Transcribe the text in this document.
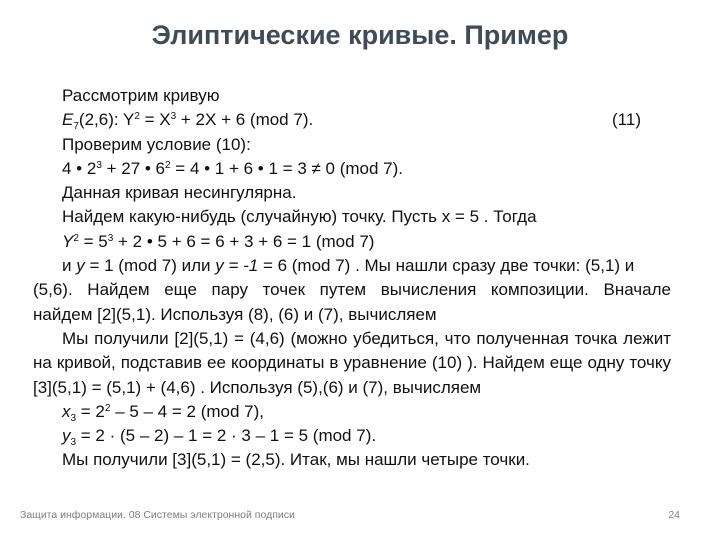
Элиптические кривые. Пример
Рассмотрим кривую
$E_7(2,6)$: $Y^2 = X^3 + 2X + 6$ (mod 7).	(11)
Проверим условие (10):
4 • $2^3 + 27$ • $6^2 = 4$ • 1 + 6 • 1 = 3 ≠ 0 (mod 7).
Данная кривая несингулярна.
Найдем какую-нибудь (случайную) точку. Пусть x = 5 . Тогда
$Y^2 = 5^3 + 2$ • 5 + 6 = 6 + 3 + 6 = 1 (mod 7)
и y = 1 (mod 7) или y = -1 = 6 (mod 7) . Мы нашли сразу две точки: (5,1) и
(5,6). Найдем еще пару точек путем вычисления композиции. Вначале
найдем [2](5,1). Используя (8), (6) и (7), вычисляем
Мы получили [2](5,1) = (4,6) (можно убедиться, что полученная точка лежит на кривой, подставив ее координаты в уравнение (10) ). Найдем еще одну точку [3](5,1) = (5,1) + (4,6) . Используя (5),(6) и (7), вычисляем
$x_3 = 2^2 - 5 - 4 = 2$ (mod 7),
$y_3 = 2 \cdot (5 - 2) - 1 = 2 \cdot 3 - 1 = 5$ (mod 7).
Мы получили [3](5,1) = (2,5). Итак, мы нашли четыре точки.
Защита информации. 08 Системы электронной подписи	24
